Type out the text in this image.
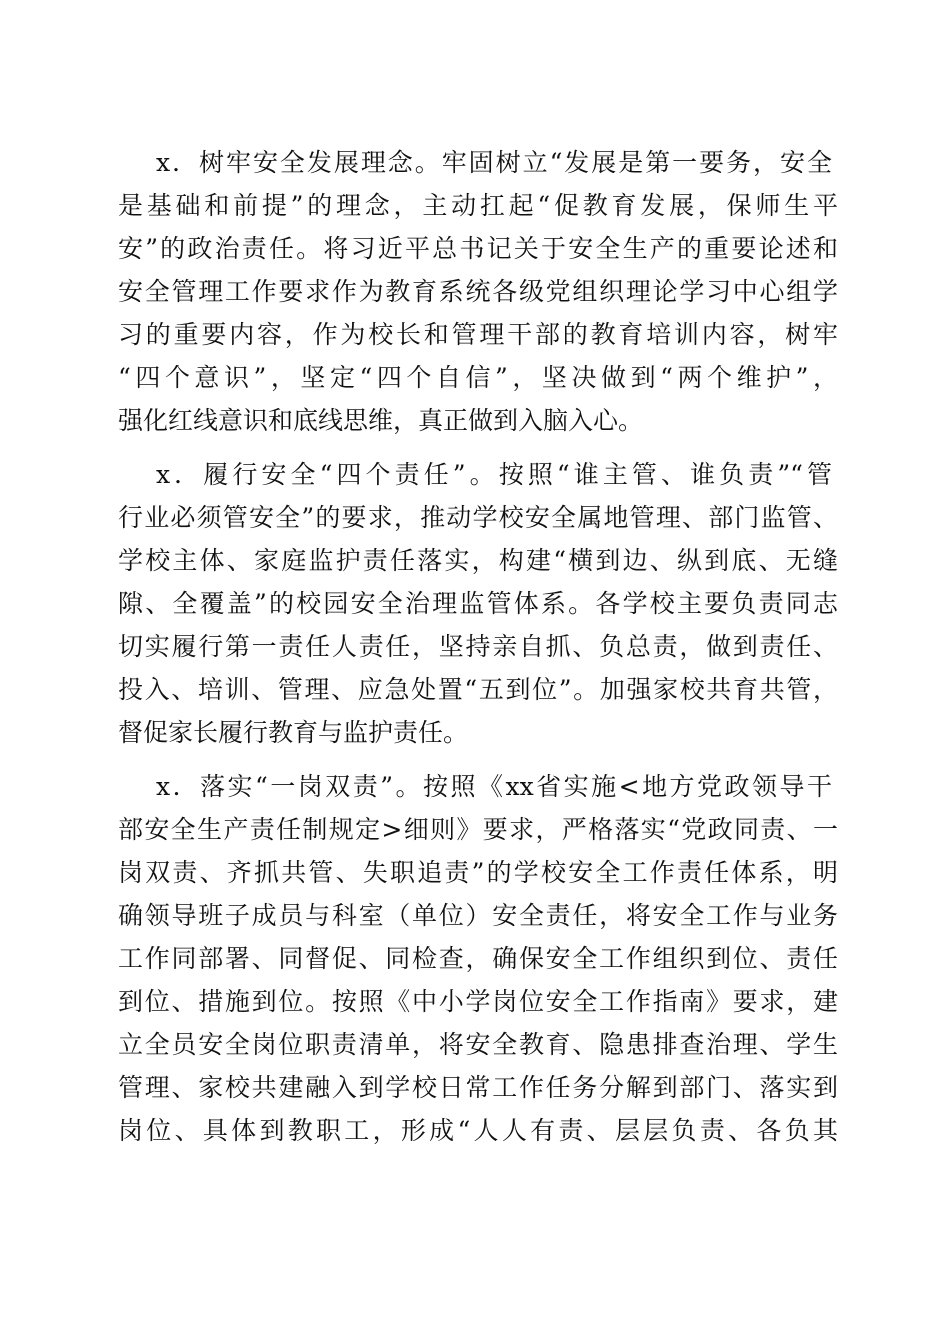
x．树牢安全发展理念。牢固树立“发展是第一要务，安全
是基础和前提”的理念，主动扛起“促教育发展，保师生平
安”的政治责任。将习近平总书记关于安全生产的重要论述和
安全管理工作要求作为教育系统各级党组织理论学习中心组学
习的重要内容，作为校长和管理干部的教育培训内容，树牢
“四个意识”，坚定“四个自信”，坚决做到“两个维护”，
强化红线意识和底线思维，真正做到入脑入心。
x．履行安全“四个责任”。按照“谁主管、谁负责”“管
行业必须管安全”的要求，推动学校安全属地管理、部门监管、
学校主体、家庭监护责任落实，构建“横到边、纵到底、无缝
隙、全覆盖”的校园安全治理监管体系。各学校主要负责同志
切实履行第一责任人责任，坚持亲自抓、负总责，做到责任、
投入、培训、管理、应急处置“五到位”。加强家校共育共管，
督促家长履行教育与监护责任。
x．落实“一岗双责”。按照《xx省实施<地方党政领导干
部安全生产责任制规定>细则》要求，严格落实“党政同责、一
岗双责、齐抓共管、失职追责”的学校安全工作责任体系，明
确领导班子成员与科室（单位）安全责任，将安全工作与业务
工作同部署、同督促、同检查，确保安全工作组织到位、责任
到位、措施到位。按照《中小学岗位安全工作指南》要求，建
立全员安全岗位职责清单，将安全教育、隐患排查治理、学生
管理、家校共建融入到学校日常工作任务分解到部门、落实到
岗位、具体到教职工，形成“人人有责、层层负责、各负其
